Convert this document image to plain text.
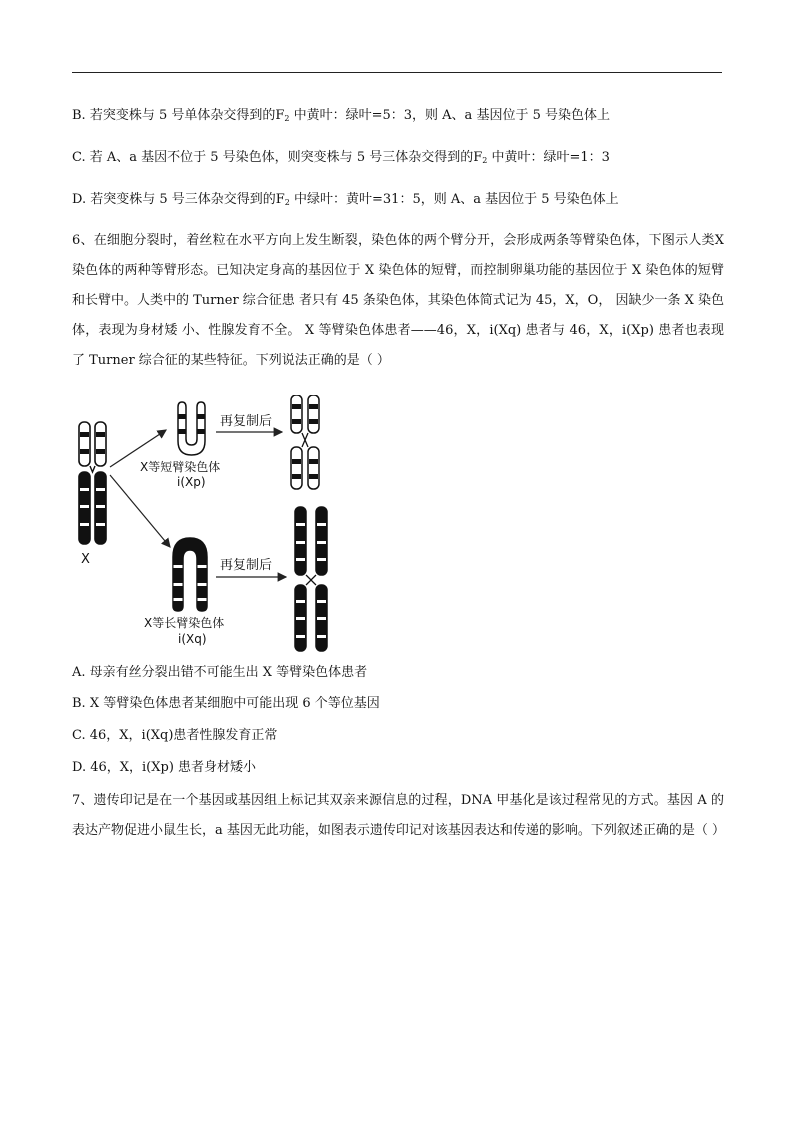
B. 若突变株与 5 号单体杂交得到的$F_2$ 中黄叶：绿叶=5：3，则 A、a 基因位于 5 号染色体上
C. 若 A、a 基因不位于 5 号染色体，则突变株与 5 号三体杂交得到的$F_2$ 中黄叶：绿叶=1：3
D. 若突变株与 5 号三体杂交得到的$F_2$ 中绿叶：黄叶=31：5，则 A、a 基因位于 5 号染色体上
6、在细胞分裂时，着丝粒在水平方向上发生断裂，染色体的两个臂分开，会形成两条等臂染色体，下图示人类X 染色体的两种等臂形态。已知决定身高的基因位于 X 染色体的短臂，而控制卵巢功能的基因位于 X 染色体的短臂和长臂中。人类中的 Turner 综合征患 者只有 45 条染色体，其染色体简式记为 45，X，O， 因缺少一条 X 染色体，表现为身材矮 小、性腺发育不全。 X 等臂染色体患者——46，X，i(Xq) 患者与 46，X，i(Xp) 患者也表现了 Turner 综合征的某些特征。下列说法正确的是（ ）
X
再复制后
X等短臂染色体
i(Xp)
再复制后
X等长臂染色体
i(Xq)
A. 母亲有丝分裂出错不可能生出 X 等臂染色体患者
B. X 等臂染色体患者某细胞中可能出现 6 个等位基因
C. 46，X，i(Xq)患者性腺发育正常
D. 46，X，i(Xp) 患者身材矮小
7、遗传印记是在一个基因或基因组上标记其双亲来源信息的过程，DNA 甲基化是该过程常见的方式。基因 A 的表达产物促进小鼠生长，a 基因无此功能，如图表示遗传印记对该基因表达和传递的影响。下列叙述正确的是（ ）
